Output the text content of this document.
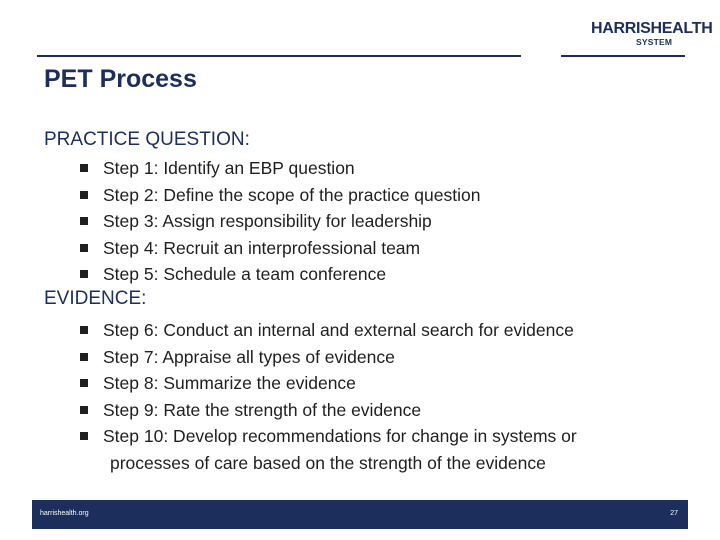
HARRISHEALTH
SYSTEM
PET Process
PRACTICE QUESTION:
Step 1: Identify an EBP question
Step 2: Define the scope of the practice question
Step 3: Assign responsibility for leadership
Step 4: Recruit an interprofessional team
Step 5: Schedule a team conference
EVIDENCE:
Step 6: Conduct an internal and external search for evidence
Step 7: Appraise all types of evidence
Step 8: Summarize the evidence
Step 9: Rate the strength of the evidence
Step 10: Develop recommendations for change in systems or
processes of care based on the strength of the evidence
harrishealth.org	27
